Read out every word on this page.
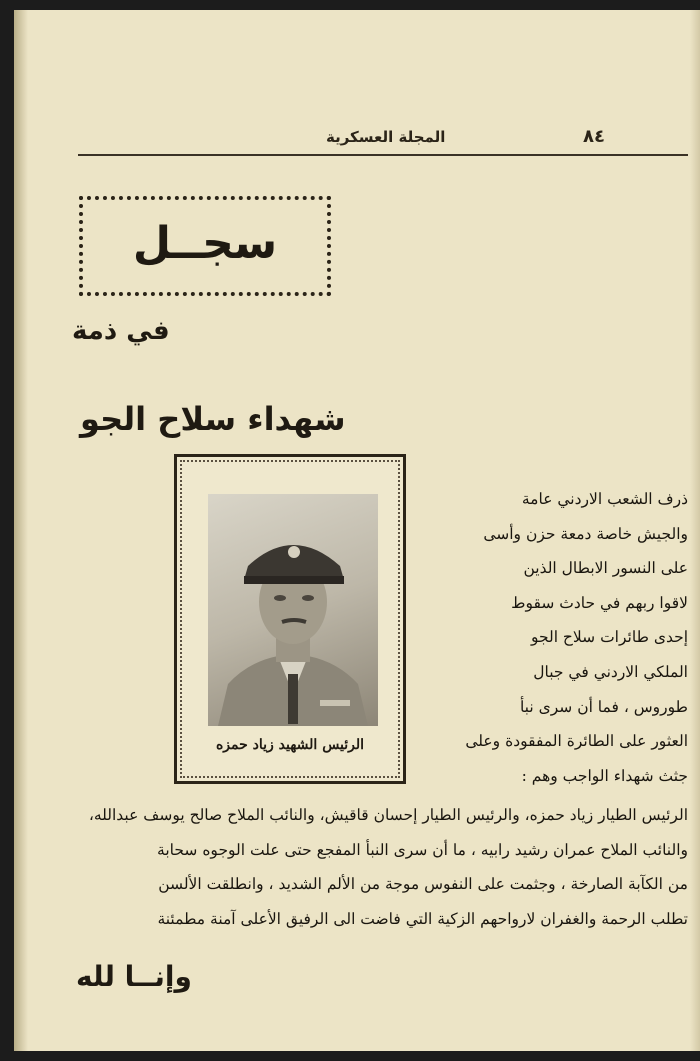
المجلة العسكرية	٨٤
سجــل
في ذمة
شهداء سلاح الجو
الرئيس الشهيد زياد حمزه
ذرف الشعب الاردني عامة
والجيش خاصة دمعة حزن وأسى
على النسور الابطال الذين
لاقوا ربهم في حادث سقوط
إحدى طائرات سلاح الجو
الملكي الاردني في جبال
طوروس ، فما أن سرى نبأ
العثور على الطائرة المفقودة وعلى
جثث شهداء الواجب وهم :
الرئيس الطيار زياد حمزه، والرئيس الطيار إحسان قاقيش، والنائب الملاح صالح يوسف عبدالله،
والنائب الملاح عمران رشيد رابيه ، ما أن سرى النبأ المفجع حتى علت الوجوه سحابة
من الكآبة الصارخة ، وجثمت على النفوس موجة من الألم الشديد ، وانطلقت الألسن
تطلب الرحمة والغفران لارواحهم الزكية التي فاضت الى الرفيق الأعلى آمنة مطمئنة
وإنــا لله
